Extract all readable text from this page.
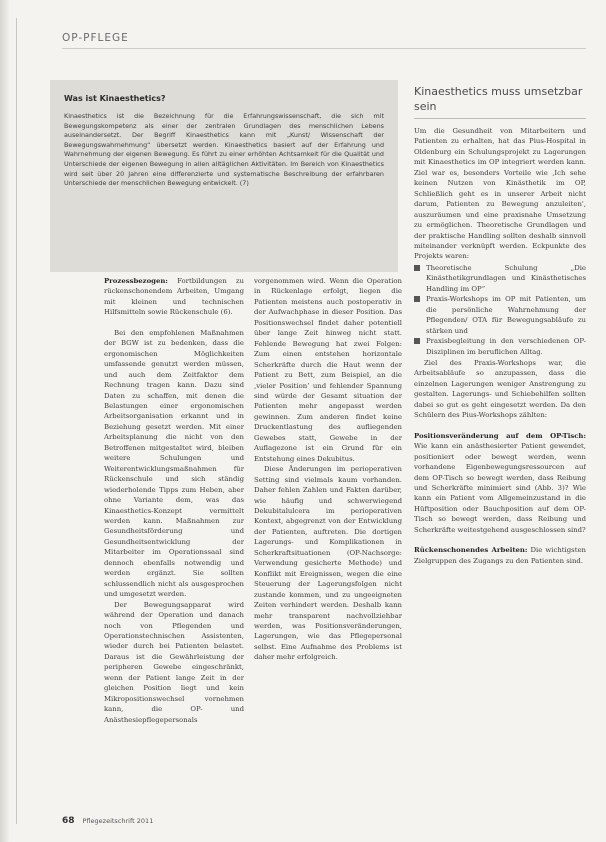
OP-PFLEGE
Was ist Kinaesthetics?

Kinaesthetics ist die Bezeichnung für die Erfahrungswissenschaft, die sich mit Bewegungskompetenz als einer der zentralen Grundlagen des menschlichen Lebens auseinandersetzt. Der Begriff Kinaesthetics kann mit „Kunst/ Wissenschaft der Bewegungswahrnehmung“ übersetzt werden. Kinaesthetics basiert auf der Erfahrung und Wahrnehmung der eigenen Bewegung. Es führt zu einer erhöhten Achtsamkeit für die Qualität und Unterschiede der eigenen Bewegung in allen alltäglichen Aktivitäten. Im Bereich von Kinaesthetics wird seit über 20 Jahren eine differenzierte und systematische Beschreibung der erfahrbaren Unterschiede der menschlichen Bewegung entwickelt. (7)

Kinaesthetics muss umsetzbar sein

Prozessbezogen: Fortbildungen zu rückenschonendem Arbeiten, Umgang mit kleinen und technischen Hilfsmitteln sowie Rückenschule (6).

Bei den empfohlenen Maßnahmen der BGW ist zu bedenken, dass die ergonomischen Möglichkeiten umfassende genutzt werden müssen, und auch dem Zeitfaktor dem Rechnung tragen kann. Dazu sind Daten zu schaffen, mit denen die Belastungen einer ergonomischen Arbeitsorganisation erkannt und in Beziehung gesetzt werden. Mit einer Arbeitsplanung die nicht von den Betroffenen mitgestaltet wird, bleiben weitere Schulungen und Weiterentwicklungsmaßnahmen für Rückenschule und sich ständig wiederholende Tipps zum Heben, aber ohne Variante dem, was das Kinaesthetics-Konzept vermittelt werden kann. Maßnahmen zur Gesundheitsförderung und Gesundheitsentwicklung der Mitarbeiter im Operationssaal sind dennoch ebenfalls notwendig und werden ergänzt. Sie sollten schlussendlich nicht als ausgesprochen und umgesetzt werden.

Der Bewegungsapparat wird während der Operation und danach noch von Pflegenden und Operationstechnischen Assistenten, wieder durch bei Patienten belastet. Daraus ist die Gewährleistung der peripheren Gewebe eingeschränkt, wenn der Patient lange Zeit in der gleichen Position liegt und kein Mikropositionswechsel vornehmen kann, die OP- und Anästhesiepflegepersonals

vorgenommen wird. Wenn die Operation in Rückenlage erfolgt, liegen die Patienten meistens auch postoperativ in der Aufwachphase in dieser Position. Das Positionswechsel findet daher potentiell über lange Zeit hinweg nicht statt. Fehlende Bewegung hat zwei Folgen: Zum einen entstehen horizontale Scherkräfte durch die Haut wenn der Patient zu Bett, zum Beispiel, an die ‚vieler Position’ und fehlender Spannung sind würde der Gesamt situation der Patienten mehr angepasst werden gewinnen. Zum anderen findet keine Druckentlastung des aufliegenden Gewebes statt, Gewebe in der Auflagezone ist ein Grund für ein Entstehung eines Dekubitus.

Diese Änderungen im perioperativen Setting sind vielmals kaum vorhanden. Daher fehlen Zahlen und Fakten darüber, wie häufig und schwerwiegend Dekubitalulcera im perioperativen Kontext, abgegrenzt von der Entwicklung der Patienten, auftreten. Die dortigen Lagerungs- und Komplikationen in Scherkraftsituationen (OP-Nachsorge: Verwendung gesicherte Methode) und Konflikt mit Ereignissen, wegen die eine Steuerung der Lagerungsfolgen nicht zustande kommen, und zu ungeeigneten Zeiten verhindert werden. Deshalb kann mehr transparent nachvollziehbar werden, was Positionsveränderungen, Lagerungen, wie das Pflegepersonal selbst. Eine Aufnahme des Problems ist daher mehr erfolgreich.

Um die Gesundheit von Mitarbeitern und Patienten zu erhalten, hat das Pius-Hospital in Oldenburg ein Schulungsprojekt zu Lagerungen mit Kinaesthetics im OP integriert werden kann. Ziel war es, besonders Vorteile wie ‚Ich sehe keinen Nutzen von Kinästhetik im OP, Schließlich geht es in unserer Arbeit nicht darum, Patienten zu Bewegung anzuleiten', auszuräumen und eine praxisnahe Umsetzung zu ermöglichen. Theoretische Grundlagen und der praktische Handling sollten deshalb sinnvoll miteinander verknüpft werden. Eckpunkte des Projekts waren:

Theoretische Schulung „Die Kinästhetikgrundlagen und Kinästhetisches Handling im OP“
Praxis-Workshops im OP mit Patienten, um die persönliche Wahrnehmung der Pflegenden/ OTA für Bewegungsabläufe zu stärken und
Praxisbegleitung in den verschiedenen OP-Disziplinen im beruflichen Alltag.

Ziel des Praxis-Workshops war, die Arbeitsabläufe so anzupassen, dass die einzelnen Lagerungen weniger Anstrengung zu gestalten. Lagerungs- und Schiebehilfen sollten dabei so gut es geht eingesetzt werden. Da den Schülern des Pius-Workshops zählten:

Positionsveränderung auf dem OP-Tisch: Wie kann ein anästhesierter Patient gewendet, positioniert oder bewegt werden, wenn vorhandene Eigenbewegungsressourcen auf dem OP-Tisch so bewegt werden, dass Reibung und Scherkräfte minimiert sind (Abb. 3)? Wie kann ein Patient vom Allgemeinzustand in die Hüftposition oder Bauchposition auf dem OP-Tisch so bewegt werden, dass Reibung und Scherkräfte weitestgehend ausgeschlossen sind?

Rückenschonendes Arbeiten: Die wichtigsten Zielgruppen des Zugangs zu den Patienten sind.

68 Pflegezeitschrift 2011
